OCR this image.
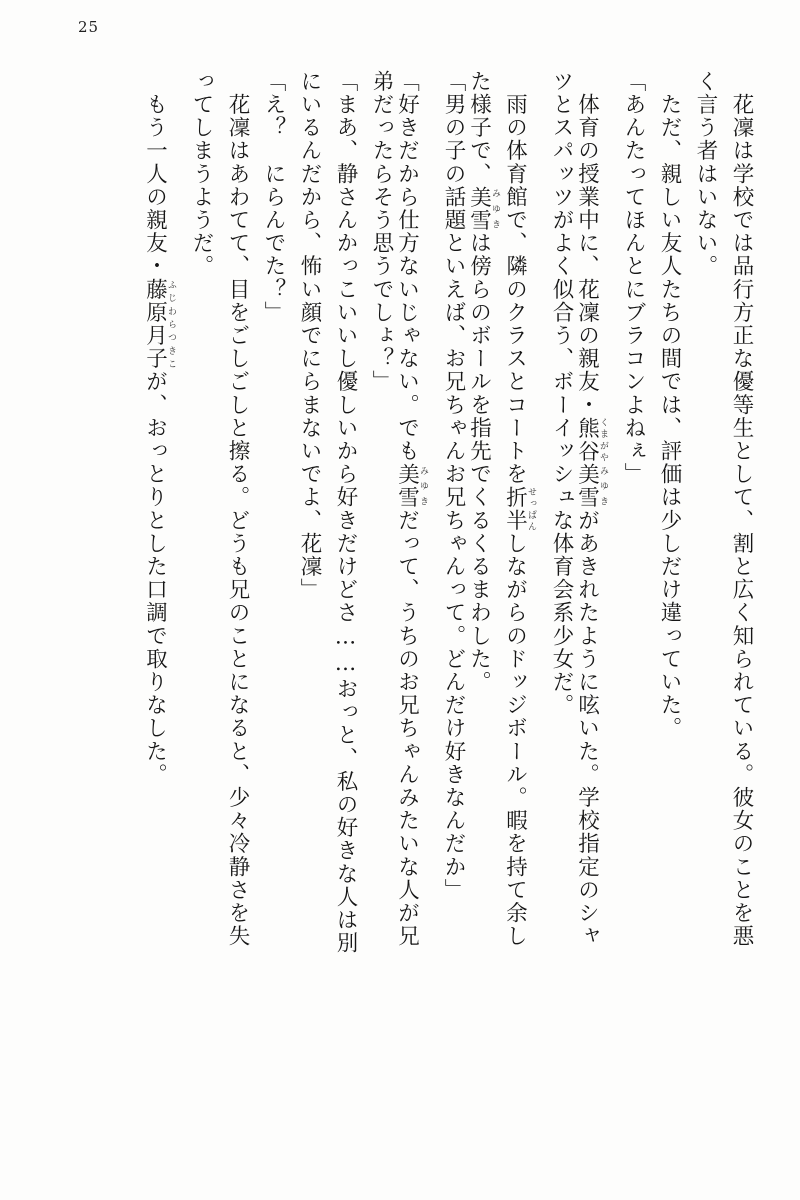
25
　花凜は学校では品行方正な優等生として、割と広く知られている。彼女のことを悪
く言う者はいない。
　ただ、親しい友人たちの間では、評価は少しだけ違っていた。
「あんたってほんとにブラコンよねぇ」
　体育の授業中に、花凜の親友・熊谷くまがや美雪みゆきがあきれたように呟いた。学校指定のシャ
ツとスパッツがよく似合う、ボーイッシュな体育会系少女だ。
　雨の体育館で、隣のクラスとコートを折半せっぱんしながらのドッジボール。暇を持て余し
た様子で、美雪みゆきは傍らのボールを指先でくるくるまわした。
「男の子の話題といえば、お兄ちゃんお兄ちゃんって。どんだけ好きなんだか」
「好きだから仕方ないじゃない。でも美雪みゆきだって、うちのお兄ちゃんみたいな人が兄
弟だったらそう思うでしょ？」
「まあ、静さんかっこいいし優しいから好きだけどさ……おっと、私の好きな人は別
にいるんだから、怖い顔でにらまないでよ、花凜」
「え？　にらんでた？」
　花凜はあわてて、目をごしごしと擦る。どうも兄のことになると、少々冷静さを失
ってしまうようだ。
　もう一人の親友・藤原月子ふじわらつきこが、おっとりとした口調で取りなした。
